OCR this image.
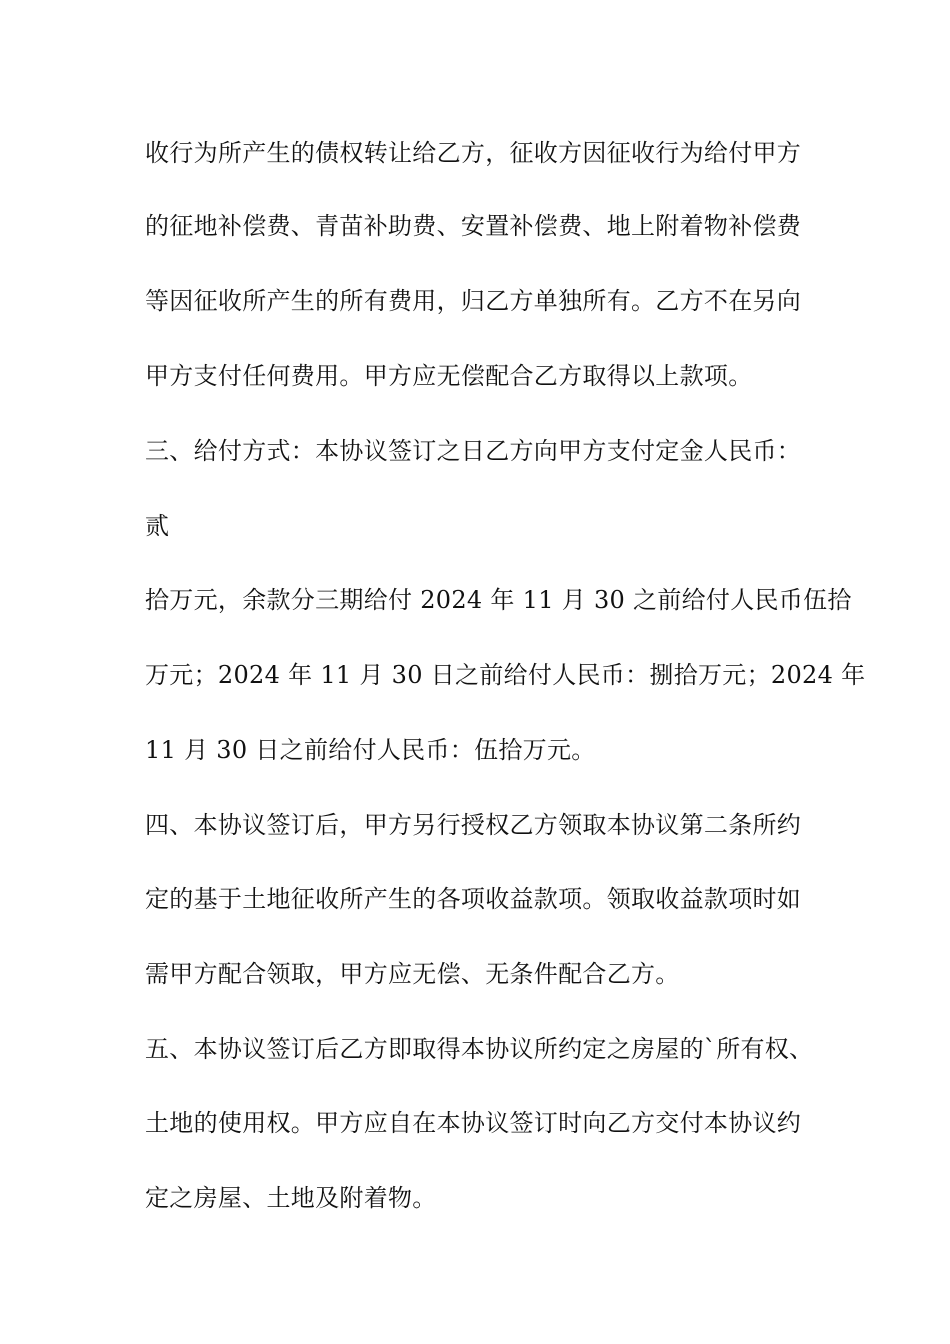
收行为所产生的债权转让给乙方，征收方因征收行为给付甲方
的征地补偿费、青苗补助费、安置补偿费、地上附着物补偿费
等因征收所产生的所有费用，归乙方单独所有。乙方不在另向
甲方支付任何费用。甲方应无偿配合乙方取得以上款项。
三、给付方式：本协议签订之日乙方向甲方支付定金人民币：
贰
拾万元，余款分三期给付 2024 年 11 月 30 之前给付人民币伍拾
万元；2024 年 11 月 30 日之前给付人民币：捌拾万元；2024 年
11 月 30 日之前给付人民币：伍拾万元。
四、本协议签订后，甲方另行授权乙方领取本协议第二条所约
定的基于土地征收所产生的各项收益款项。领取收益款项时如
需甲方配合领取，甲方应无偿、无条件配合乙方。
五、本协议签订后乙方即取得本协议所约定之房屋的`所有权、
土地的使用权。甲方应自在本协议签订时向乙方交付本协议约
定之房屋、土地及附着物。
